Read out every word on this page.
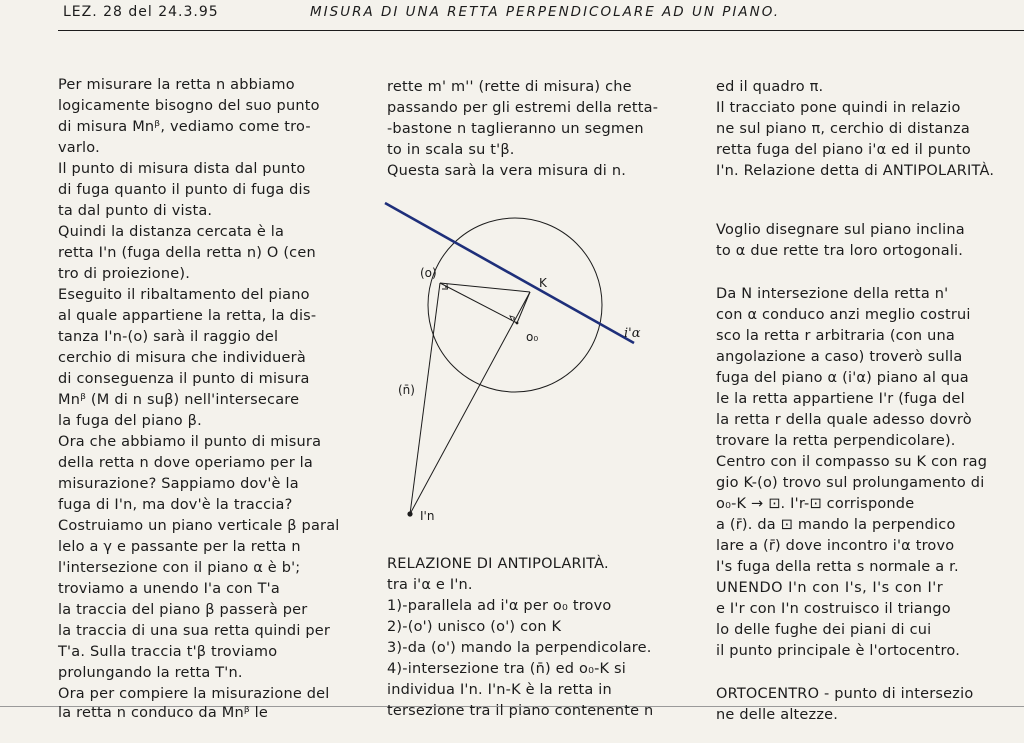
LEZ. 28 del 24.3.95	MISURA DI UNA RETTA PERPENDICOLARE AD UN PIANO.
Per misurare la retta n abbiamo
logicamente bisogno del suo punto
di misura Mnᵝ, vediamo come tro-
varlo.
Il punto di misura dista dal punto
di fuga quanto il punto di fuga dis
ta dal punto di vista.
Quindi la distanza cercata è la
retta I'n (fuga della retta n) O (cen
tro di proiezione).
Eseguito il ribaltamento del piano
al quale appartiene la retta, la dis-
tanza I'n-(o) sarà il raggio del
cerchio di misura che individuerà
di conseguenza il punto di misura
Mnᵝ (M di n suβ) nell'intersecare
la fuga del piano β.
Ora che abbiamo il punto di misura
della retta n dove operiamo per la
misurazione? Sappiamo dov'è la
fuga di I'n, ma dov'è la traccia?
Costruiamo un piano verticale β paral
lelo a γ e passante per la retta n
l'intersezione con il piano α è b';
troviamo a unendo I'a con T'a
la traccia del piano β passerà per
la traccia di una sua retta quindi per
T'a. Sulla traccia t'β troviamo
prolungando la retta T'n.
Ora per compiere la misurazione del
la retta n conduco da Mnᵝ le
rette m' m'' (rette di misura) che
passando per gli estremi della retta-
-bastone n taglieranno un segmen
to in scala su t'β.
Questa sarà la vera misura di n.
RELAZIONE DI ANTIPOLARITÀ.
tra i'α e I'n.
1)-parallela ad i'α per o₀ trovo
2)-(o') unisco (o') con K
3)-da (o') mando la perpendicolare.
4)-intersezione tra (n̄) ed o₀-K si
individua I'n. I'n-K è la retta in
tersezione tra il piano contenente n
ed il quadro π.
Il tracciato pone quindi in relazio
ne sul piano π, cerchio di distanza
retta fuga del piano i'α ed il punto
I'n. Relazione detta di ANTIPOLARITÀ.
Voglio disegnare sul piano inclina
to α due rette tra loro ortogonali.
Da N intersezione della retta n'
con α conduco anzi meglio costrui
sco la retta r arbitraria (con una
angolazione a caso) troverò sulla
fuga del piano α (i'α) piano al qua
le la retta appartiene I'r (fuga del
la retta r della quale adesso dovrò
trovare la retta perpendicolare).
Centro con il compasso su K con rag
gio K-(o) trovo sul prolungamento di
o₀-K → ⊡. I'r-⊡ corrisponde
a (r̄). da ⊡ mando la perpendico
lare a (r̄) dove incontro i'α trovo
I's fuga della retta s normale a r.
UNENDO I'n con I's, I's con I'r
e I'r con I'n costruisco il triango
lo delle fughe dei piani di cui
il punto principale è l'ortocentro.
ORTOCENTRO - punto di intersezio
ne delle altezze.
(o)
K
o₀	i'α
(n̄)
I'n
